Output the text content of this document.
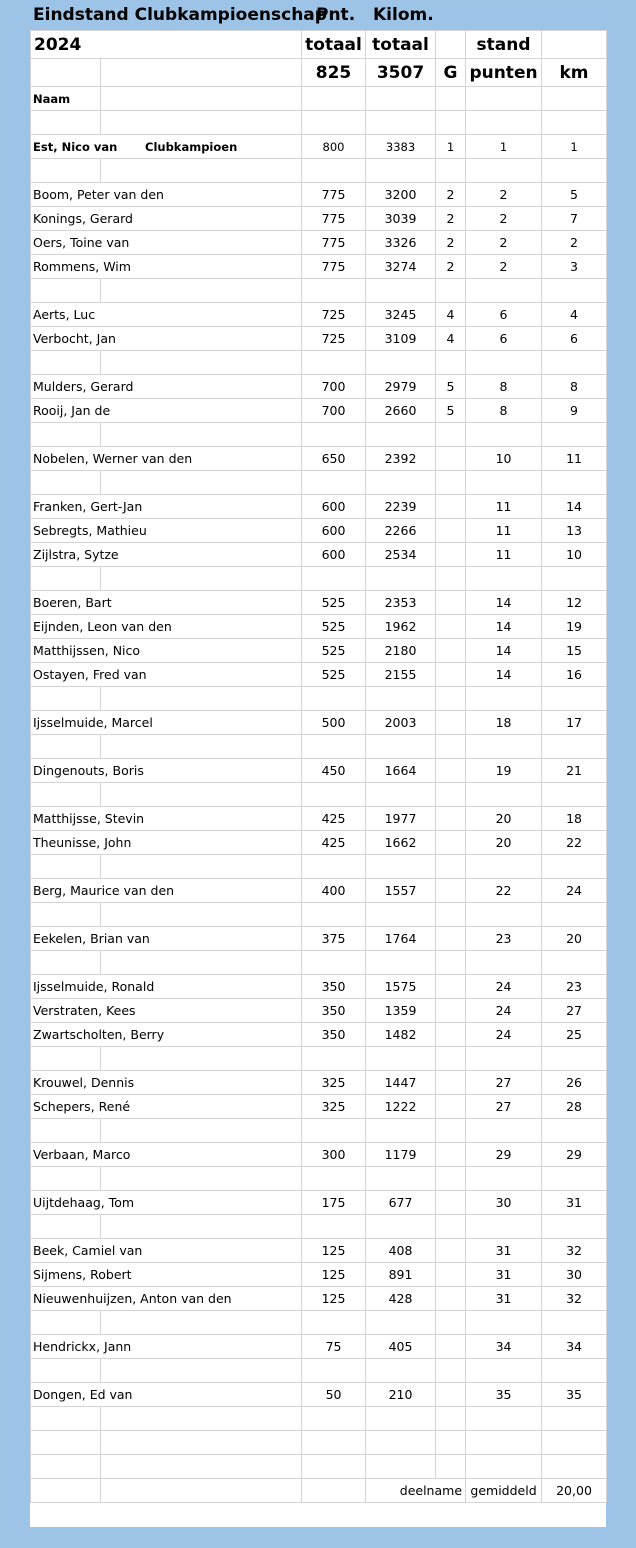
Eindstand ClubkampioenschapPnt. Kilom.
2024		totaal	totaal		stand	
		825	3507	G	punten	km
Naam						

Est, Nico van Clubkampioen		800	3383	1	1	1

Boom, Peter van den		775	3200	2	2	5
Konings, Gerard		775	3039	2	2	7
Oers, Toine van		775	3326	2	2	2
Rommens, Wim		775	3274	2	2	3

Aerts, Luc		725	3245	4	6	4
Verbocht, Jan		725	3109	4	6	6

Mulders, Gerard		700	2979	5	8	8
Rooij, Jan de		700	2660	5	8	9

Nobelen, Werner van den		650	2392		10	11

Franken, Gert-Jan		600	2239		11	14
Sebregts, Mathieu		600	2266		11	13
Zijlstra, Sytze		600	2534		11	10

Boeren, Bart		525	2353		14	12
Eijnden, Leon van den		525	1962		14	19
Matthijssen, Nico		525	2180		14	15
Ostayen, Fred van		525	2155		14	16

Ijsselmuide, Marcel		500	2003		18	17

Dingenouts, Boris		450	1664		19	21

Matthijsse, Stevin		425	1977		20	18
Theunisse, John		425	1662		20	22

Berg, Maurice van den		400	1557		22	24

Eekelen, Brian van		375	1764		23	20

Ijsselmuide, Ronald		350	1575		24	23
Verstraten, Kees		350	1359		24	27
Zwartscholten, Berry		350	1482		24	25

Krouwel, Dennis		325	1447		27	26
Schepers, René		325	1222		27	28

Verbaan, Marco		300	1179		29	29

Uijtdehaag, Tom		175	677		30	31

Beek, Camiel van		125	408		31	32
Sijmens, Robert		125	891		31	30
Nieuwenhuijzen, Anton van den		125	428		31	32

Hendrickx, Jann		75	405		34	34

Dongen, Ed van		50	210		35	35

			deelname		gemiddeld	20,00
